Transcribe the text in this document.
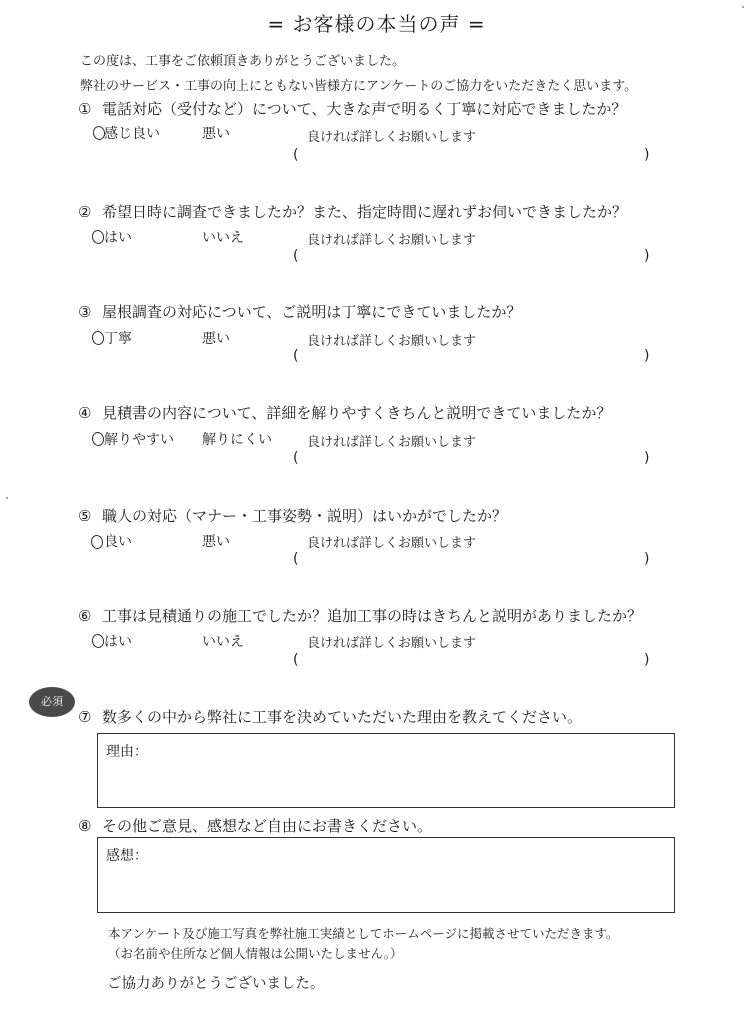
= お客様の本当の声 =
この度は、工事をご依頼頂きありがとうございました。
弊社のサービス・工事の向上にともない皆様方にアンケートのご協力をいただきたく思います。
① 電話対応（受付など）について、大きな声で明るく丁寧に対応できましたか？
感じ良い	悪い	良ければ詳しくお願いします
(	)
② 希望日時に調査できましたか？また、指定時間に遅れずお伺いできましたか？
はい	いいえ	良ければ詳しくお願いします
(	)
③ 屋根調査の対応について、ご説明は丁寧にできていましたか？
丁寧	悪い	良ければ詳しくお願いします
(	)
④ 見積書の内容について、詳細を解りやすくきちんと説明できていましたか？
解りやすい 解りにくい	良ければ詳しくお願いします
(	)
⑤ 職人の対応（マナー・工事姿勢・説明）はいかがでしたか？
良い	悪い	良ければ詳しくお願いします
(	)
⑥ 工事は見積通りの施工でしたか？追加工事の時はきちんと説明がありましたか？
はい	いいえ	良ければ詳しくお願いします
(	)
必須
⑦ 数多くの中から弊社に工事を決めていただいた理由を教えてください。
理由：
⑧ その他ご意見、感想など自由にお書きください。
感想：
本アンケート及び施工写真を弊社施工実績としてホームページに掲載させていただきます。
（お名前や住所など個人情報は公開いたしません。）
ご協力ありがとうございました。
